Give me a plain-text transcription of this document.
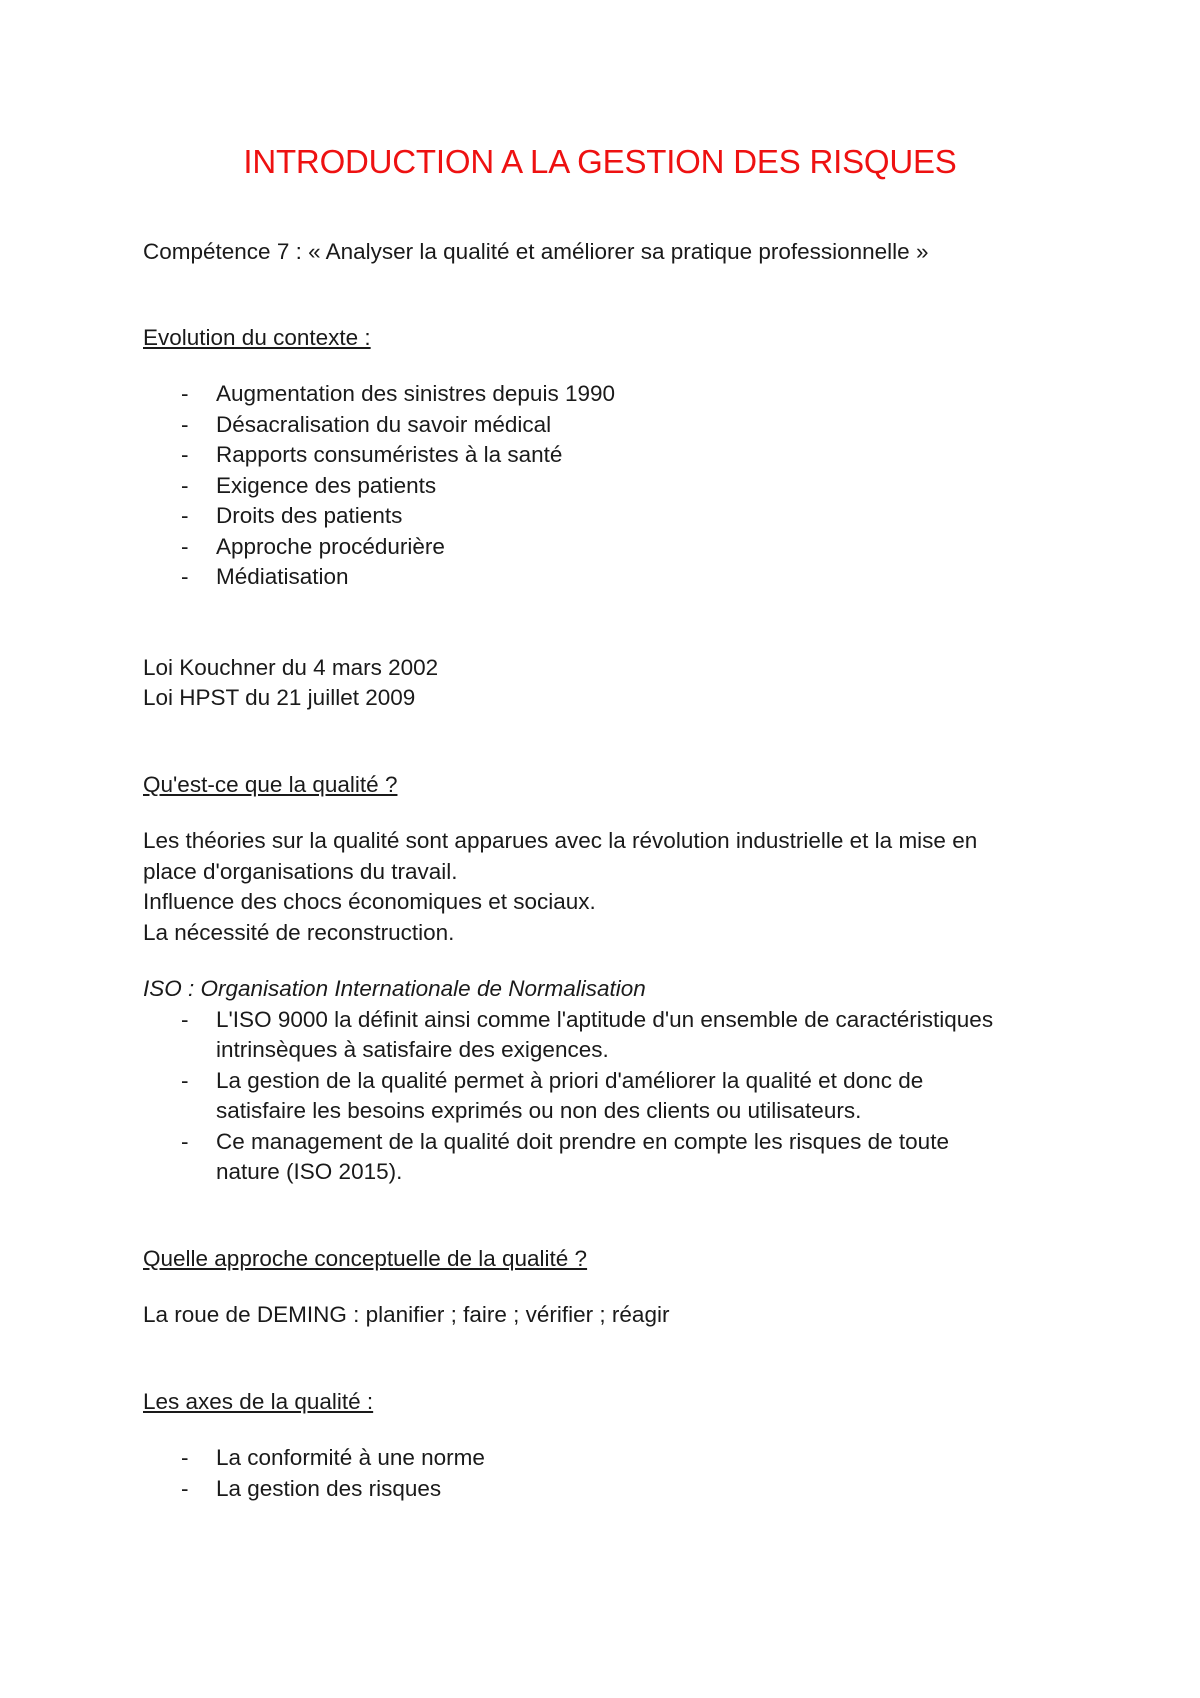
INTRODUCTION A LA GESTION DES RISQUES

Compétence 7 : « Analyser la qualité et améliorer sa pratique professionnelle »

Evolution du contexte :

- Augmentation des sinistres depuis 1990
- Désacralisation du savoir médical
- Rapports consuméristes à la santé
- Exigence des patients
- Droits des patients
- Approche procédurière
- Médiatisation

Loi Kouchner du 4 mars 2002

Loi HPST du 21 juillet 2009

Qu'est-ce que la qualité ?

Les théories sur la qualité sont apparues avec la révolution industrielle et la mise en

place d'organisations du travail.

Influence des chocs économiques et sociaux.

La nécessité de reconstruction.

ISO : Organisation Internationale de Normalisation

- L'ISO 9000 la définit ainsi comme l'aptitude d'un ensemble de caractéristiques
intrinsèques à satisfaire des exigences.
- La gestion de la qualité permet à priori d'améliorer la qualité et donc de
satisfaire les besoins exprimés ou non des clients ou utilisateurs.
- Ce management de la qualité doit prendre en compte les risques de toute
nature (ISO 2015).

Quelle approche conceptuelle de la qualité ?

La roue de DEMING : planifier ; faire ; vérifier ; réagir

Les axes de la qualité :

- La conformité à une norme
- La gestion des risques
